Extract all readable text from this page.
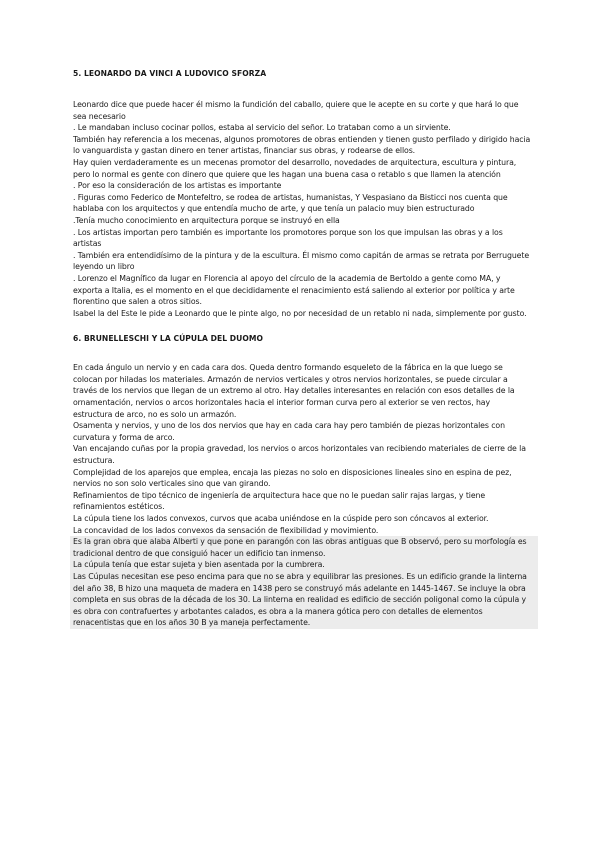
5. LEONARDO DA VINCI A LUDOVICO SFORZA

Leonardo dice que puede hacer él mismo la fundición del caballo, quiere que le acepte en su corte y que hará lo que sea necesario

. Le mandaban incluso cocinar pollos, estaba al servicio del señor. Lo trataban como a un sirviente.

También hay referencia a los mecenas, algunos promotores de obras entienden y tienen gusto perfilado y dirigido hacia lo vanguardista y gastan dinero en tener artistas, financiar sus obras, y rodearse de ellos.

Hay quien verdaderamente es un mecenas promotor del desarrollo, novedades de arquitectura, escultura y pintura, pero lo normal es gente con dinero que quiere que les hagan una buena casa o retablo s que llamen la atención

. Por eso la consideración de los artistas es importante

. Figuras como Federico de Montefeltro, se rodea de artistas, humanistas, Y Vespasiano da Bisticci nos cuenta que hablaba con los arquitectos y que entendía mucho de arte, y que tenía un palacio muy bien estructurado

.Tenía mucho conocimiento en arquitectura porque se instruyó en ella

. Los artistas importan pero también es importante los promotores porque son los que impulsan las obras y a los artistas

. También era entendidísimo de la pintura y de la escultura. Él mismo como capitán de armas se retrata por Berruguete leyendo un libro

. Lorenzo el Magnífico da lugar en Florencia al apoyo del círculo de la academia de Bertoldo a gente como MA, y exporta a Italia, es el momento en el que decididamente el renacimiento está saliendo al exterior por política y arte florentino que salen a otros sitios.

Isabel la del Este le pide a Leonardo que le pinte algo, no por necesidad de un retablo ni nada, simplemente por gusto.

6. BRUNELLESCHI Y LA CÚPULA DEL DUOMO

En cada ángulo un nervio y en cada cara dos. Queda dentro formando esqueleto de la fábrica en la que luego se colocan por hiladas los materiales. Armazón de nervios verticales y otros nervios horizontales, se puede circular a través de los nervios que llegan de un extremo al otro. Hay detalles interesantes en relación con esos detalles de la ornamentación, nervios o arcos horizontales hacia el interior forman curva pero al exterior se ven rectos, hay estructura de arco, no es solo un armazón.

Osamenta y nervios, y uno de los dos nervios que hay en cada cara hay pero también de piezas horizontales con curvatura y forma de arco.

Van encajando cuñas por la propia gravedad, los nervios o arcos horizontales van recibiendo materiales de cierre de la estructura.

Complejidad de los aparejos que emplea, encaja las piezas no solo en disposiciones lineales sino en espina de pez, nervios no son solo verticales sino que van girando.

Refinamientos de tipo técnico de ingeniería de arquitectura hace que no le puedan salir rajas largas, y tiene refinamientos estéticos.

La cúpula tiene los lados convexos, curvos que acaba uniéndose en la cúspide pero son cóncavos al exterior.

La concavidad de los lados convexos da sensación de flexibilidad y movimiento.

Es la gran obra que alaba Alberti y que pone en parangón con las obras antiguas que B observó, pero su morfología es tradicional dentro de que consiguió hacer un edificio tan inmenso.

La cúpula tenía que estar sujeta y bien asentada por la cumbrera.

Las Cúpulas necesitan ese peso encima para que no se abra y equilibrar las presiones. Es un edificio grande la linterna del año 38, B hizo una maqueta de madera en 1438 pero se construyó más adelante en 1445-1467. Se incluye la obra completa en sus obras de la década de los 30. La linterna en realidad es edificio de sección poligonal como la cúpula y es obra con contrafuertes y arbotantes calados, es obra a la manera gótica pero con detalles de elementos renacentistas que en los años 30 B ya maneja perfectamente.
